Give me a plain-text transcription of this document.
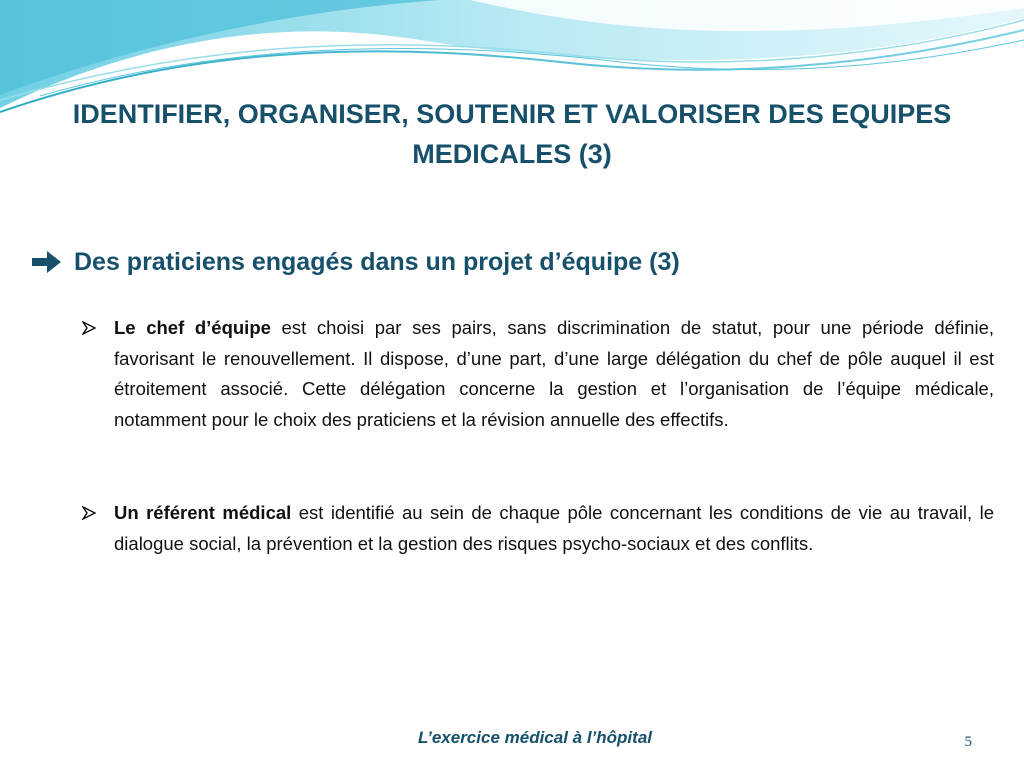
IDENTIFIER, ORGANISER, SOUTENIR ET VALORISER DES EQUIPES MEDICALES (3)
Des praticiens engagés dans un projet d’équipe (3)
Le chef d’équipe est choisi par ses pairs, sans discrimination de statut, pour une période définie, favorisant le renouvellement. Il dispose, d’une part, d’une large délégation du chef de pôle auquel il est étroitement associé. Cette délégation concerne la gestion et l’organisation de l’équipe médicale, notamment pour le choix des praticiens et la révision annuelle des effectifs.
Un référent médical est identifié au sein de chaque pôle concernant les conditions de vie au travail, le dialogue social, la prévention et la gestion des risques psycho-sociaux et des conflits.
L’exercice médical à l’hôpital	5
